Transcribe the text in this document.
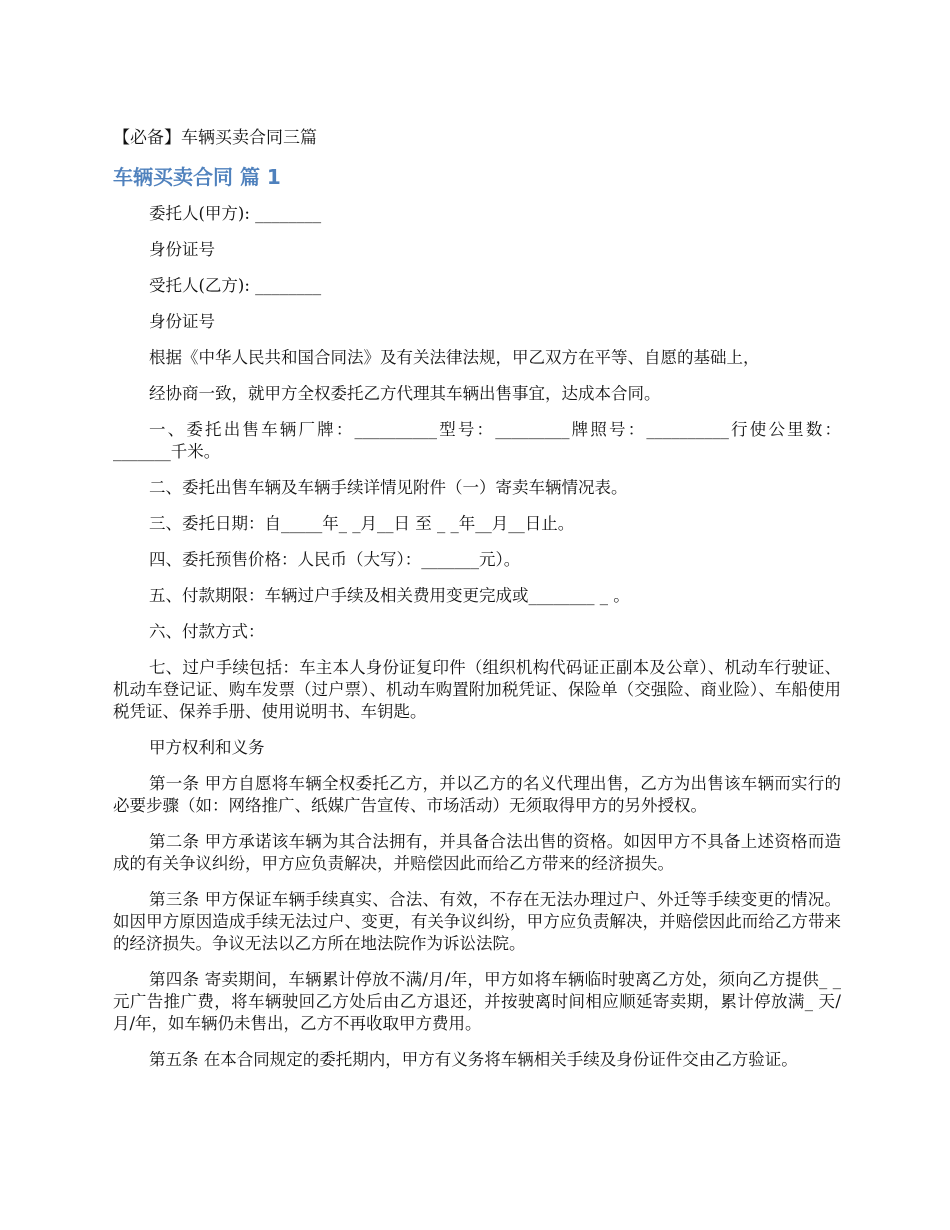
【必备】车辆买卖合同三篇
车辆买卖合同 篇 1

委托人(甲方): ________

身份证号

受托人(乙方): ________

身份证号

根据《中华人民共和国合同法》及有关法律法规，甲乙双方在平等、自愿的基础上，

经协商一致，就甲方全权委托乙方代理其车辆出售事宜，达成本合同。

一、委托出售车辆厂牌：__________型号：_________牌照号：__________行使公里数：_______千米。

二、委托出售车辆及车辆手续详情见附件（一）寄卖车辆情况表。

三、委托日期：自_____年_ _月__日 至 _ _年__月__日止。

四、委托预售价格：人民币（大写）：_______元）。

五、付款期限：车辆过户手续及相关费用变更完成或________ _ 。

六、付款方式：

七、过户手续包括：车主本人身份证复印件（组织机构代码证正副本及公章）、机动车行驶证、机动车登记证、购车发票（过户票）、机动车购置附加税凭证、保险单（交强险、商业险）、车船使用税凭证、保养手册、使用说明书、车钥匙。

甲方权利和义务

第一条 甲方自愿将车辆全权委托乙方，并以乙方的名义代理出售，乙方为出售该车辆而实行的必要步骤（如：网络推广、纸媒广告宣传、市场活动）无须取得甲方的另外授权。

第二条 甲方承诺该车辆为其合法拥有，并具备合法出售的资格。如因甲方不具备上述资格而造成的有关争议纠纷，甲方应负责解决，并赔偿因此而给乙方带来的经济损失。

第三条 甲方保证车辆手续真实、合法、有效，不存在无法办理过户、外迁等手续变更的情况。如因甲方原因造成手续无法过户、变更，有关争议纠纷，甲方应负责解决，并赔偿因此而给乙方带来的经济损失。争议无法以乙方所在地法院作为诉讼法院。

第四条 寄卖期间，车辆累计停放不满/月/年，甲方如将车辆临时驶离乙方处，须向乙方提供_ _元广告推广费，将车辆驶回乙方处后由乙方退还，并按驶离时间相应顺延寄卖期，累计停放满_ 天/月/年，如车辆仍未售出，乙方不再收取甲方费用。

第五条 在本合同规定的委托期内，甲方有义务将车辆相关手续及身份证件交由乙方验证。
